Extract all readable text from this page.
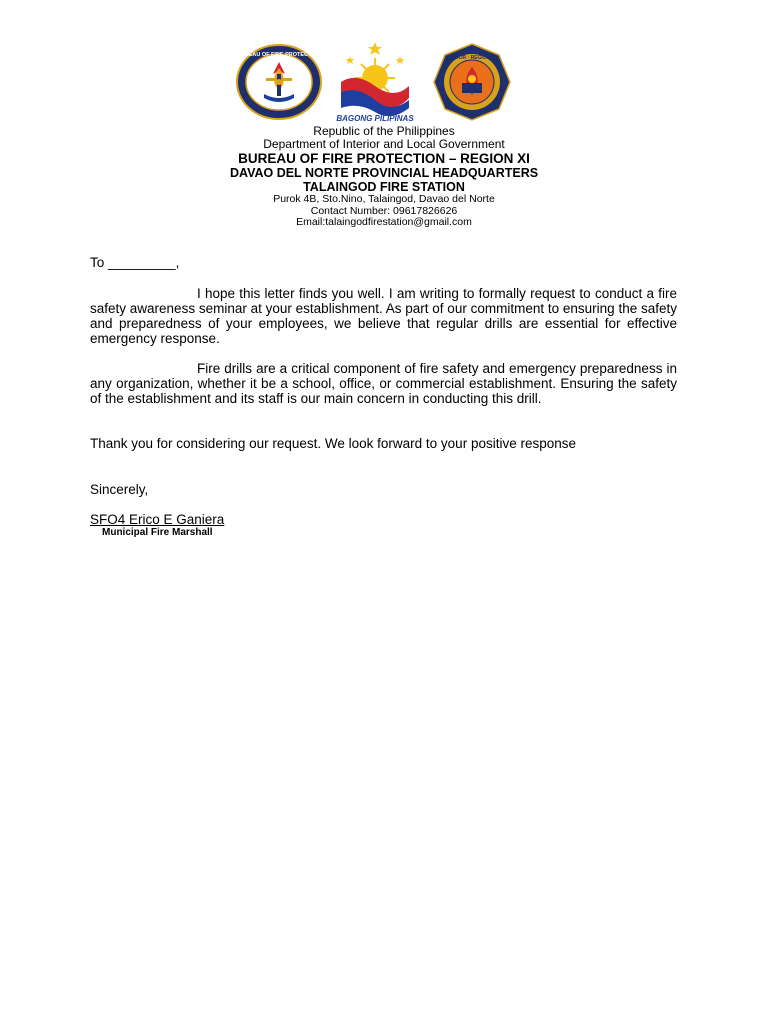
BUREAU OF FIRE PROTECTION
BAGONG PILIPINAS
HONOR · REGION XI
Republic of the Philippines
Department of Interior and Local Government
BUREAU OF FIRE PROTECTION – REGION XI
DAVAO DEL NORTE PROVINCIAL HEADQUARTERS
TALAINGOD FIRE STATION
Purok 4B, Sto.Nino, Talaingod, Davao del Norte
Contact Number: 09617826626
Email:talaingodfirestation@gmail.com
To _________,
I hope this letter finds you well. I am writing to formally request to conduct a fire safety awareness seminar at your establishment. As part of our commitment to ensuring the safety and preparedness of your employees, we believe that regular drills are essential for effective emergency response.
Fire drills are a critical component of fire safety and emergency preparedness in any organization, whether it be a school, office, or commercial establishment. Ensuring the safety of the establishment and its staff is our main concern in conducting this drill.
Thank you for considering our request. We look forward to your positive response
Sincerely,
SFO4 Erico E Ganiera
Municipal Fire Marshall
